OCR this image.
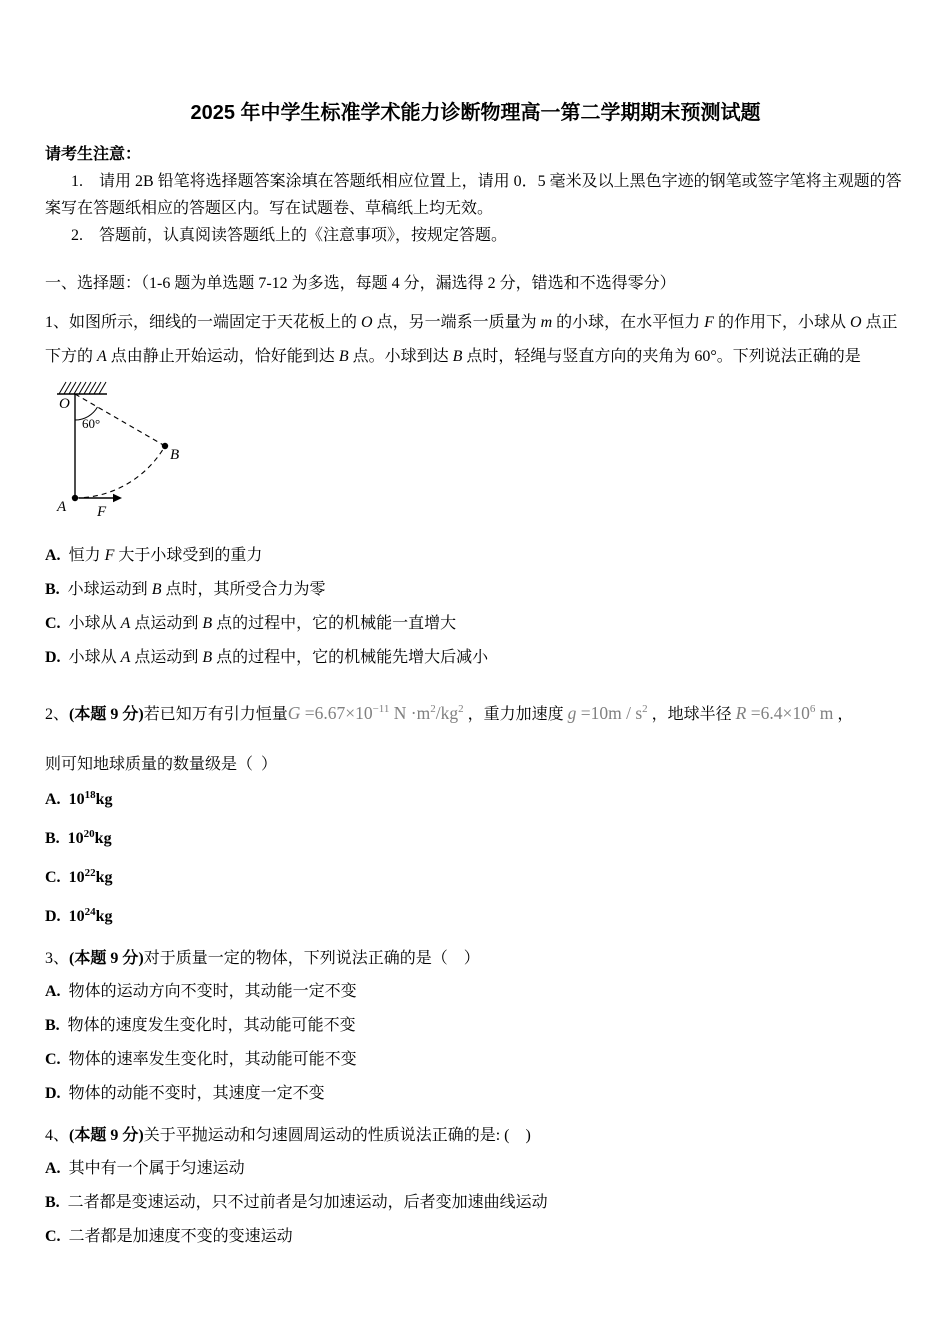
2025 年中学生标准学术能力诊断物理高一第二学期期末预测试题

请考生注意：

1.　请用 2B 铅笔将选择题答案涂填在答题纸相应位置上，请用 0．5 毫米及以上黑色字迹的钢笔或签字笔将主观题的答案写在答题纸相应的答题区内。写在试题卷、草稿纸上均无效。

2.　答题前，认真阅读答题纸上的《注意事项》，按规定答题。

一、选择题：（1-6 题为单选题 7-12 为多选，每题 4 分，漏选得 2 分，错选和不选得零分）

1、如图所示，细线的一端固定于天花板上的 O 点，另一端系一质量为 m 的小球，在水平恒力 F 的作用下，小球从 O 点正下方的 A 点由静止开始运动，恰好能到达 B 点。小球到达 B 点时，轻绳与竖直方向的夹角为 60°。下列说法正确的是

O
60°
B
A F

A.  恒力 F 大于小球受到的重力

B.  小球运动到 B 点时，其所受合力为零

C.  小球从 A 点运动到 B 点的过程中，它的机械能一直增大

D.  小球从 A 点运动到 B 点的过程中，它的机械能先增大后减小

2、(本题 9 分)若已知万有引力恒量$G =6.67\times 10^{-11}$ $N \cdot m^2/kg^2$ ，重力加速度 $g =10m / s^2$ ，地球半径 $R =6.4\times 10^6$ m ，

则可知地球质量的数量级是（  ）

A.  $10^{18}kg$

B.  $10^{20}kg$

C.  $10^{22}kg$

D.  $10^{24}kg$

3、(本题 9 分)对于质量一定的物体，下列说法正确的是（    ）

A.  物体的运动方向不变时，其动能一定不变

B.  物体的速度发生变化时，其动能可能不变

C.  物体的速率发生变化时，其动能可能不变

D.  物体的动能不变时，其速度一定不变

4、(本题 9 分)关于平抛运动和匀速圆周运动的性质说法正确的是: (    )

A.  其中有一个属于匀速运动

B.  二者都是变速运动，只不过前者是匀加速运动，后者变加速曲线运动

C.  二者都是加速度不变的变速运动
